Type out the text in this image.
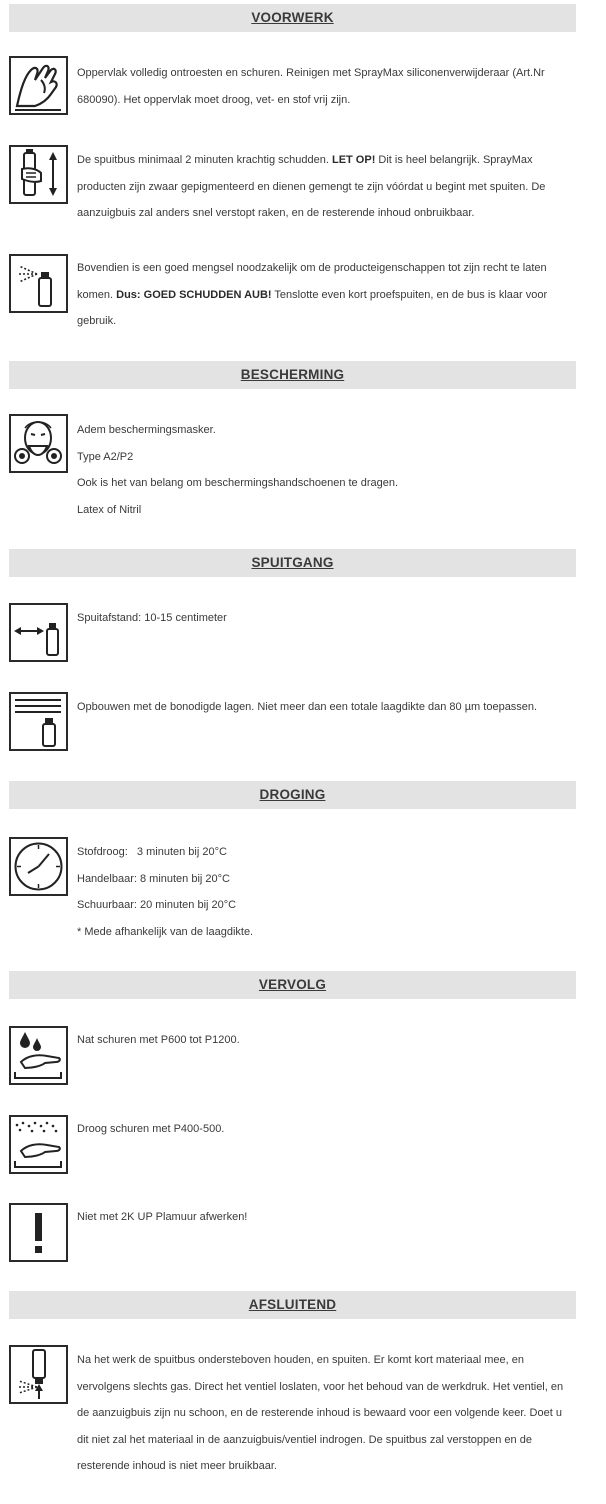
VOORWERK

Oppervlak volledig ontroesten en schuren. Reinigen met SprayMax siliconenverwijderaar (Art.Nr 680090). Het oppervlak moet droog, vet- en stof vrij zijn.

De spuitbus minimaal 2 minuten krachtig schudden. LET OP! Dit is heel belangrijk. SprayMax producten zijn zwaar gepigmenteerd en dienen gemengt te zijn vóórdat u begint met spuiten. De aanzuigbuis zal anders snel verstopt raken, en de resterende inhoud onbruikbaar.

Bovendien is een goed mengsel noodzakelijk om de producteigenschappen tot zijn recht te laten komen. Dus: GOED SCHUDDEN AUB! Tenslotte even kort proefspuiten, en de bus is klaar voor gebruik.

BESCHERMING

Adem beschermingsmasker.

Type A2/P2

Ook is het van belang om beschermingshandschoenen te dragen.

Latex of Nitril

SPUITGANG

Spuitafstand: 10-15 centimeter

Opbouwen met de bonodigde lagen. Niet meer dan een totale laagdikte dan 80 µm toepassen.

DROGING

Stofdroog:   3 minuten bij 20°C

Handelbaar: 8 minuten bij 20°C

Schuurbaar: 20 minuten bij 20°C

* Mede afhankelijk van de laagdikte.

VERVOLG

Nat schuren met P600 tot P1200.

Droog schuren met P400-500.

Niet met 2K UP Plamuur afwerken!

AFSLUITEND

Na het werk de spuitbus ondersteboven houden, en spuiten. Er komt kort materiaal mee, en vervolgens slechts gas. Direct het ventiel loslaten, voor het behoud van de werkdruk. Het ventiel, en de aanzuigbuis zijn nu schoon, en de resterende inhoud is bewaard voor een volgende keer. Doet u dit niet zal het materiaal in de aanzuigbuis/ventiel indrogen. De spuitbus zal verstoppen en de resterende inhoud is niet meer bruikbaar.
